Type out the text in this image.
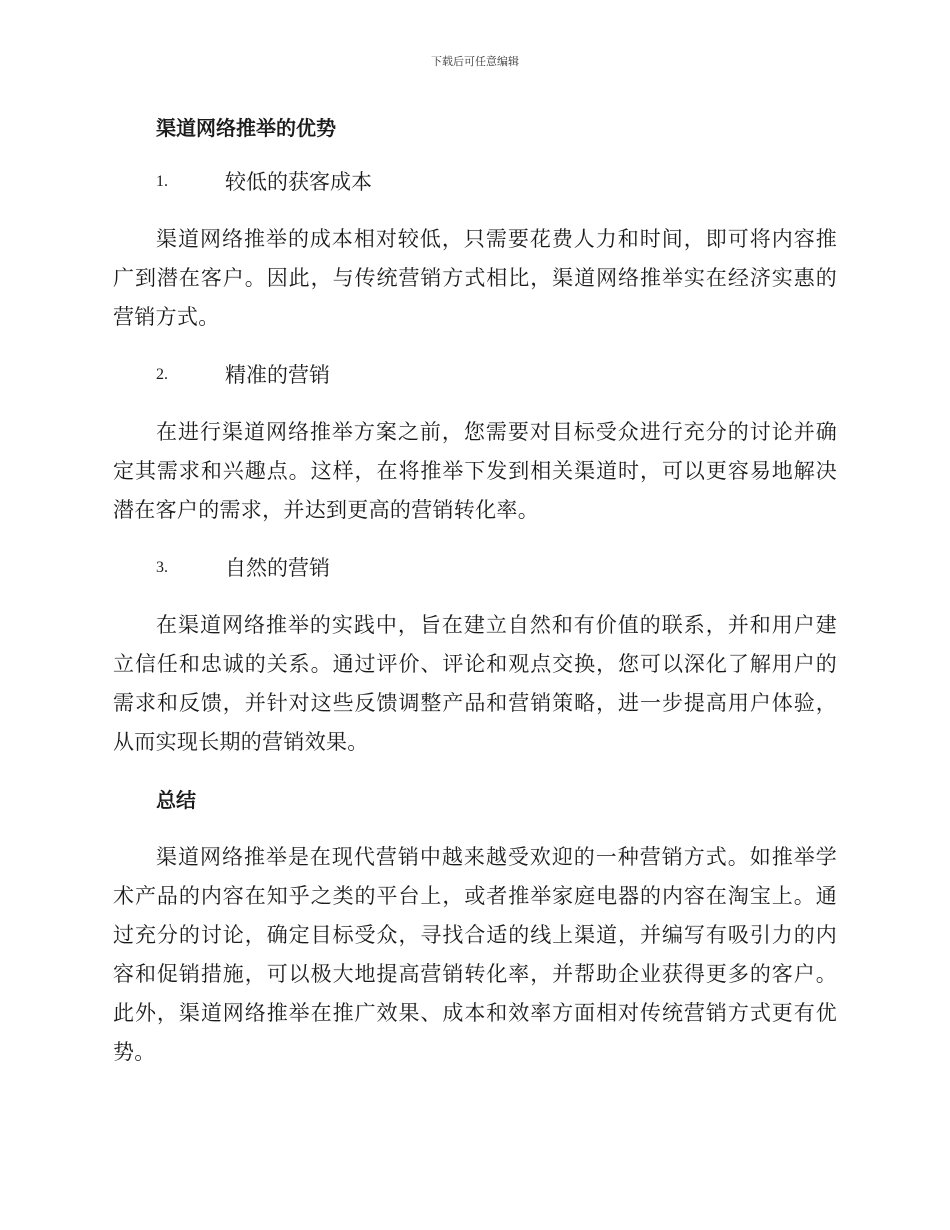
下载后可任意编辑
渠道网络推举的优势
1.	较低的获客成本

渠道网络推举的成本相对较低，只需要花费人力和时间，即可将内容推广到潜在客户。因此，与传统营销方式相比，渠道网络推举实在经济实惠的营销方式。

2.	精准的营销

在进行渠道网络推举方案之前，您需要对目标受众进行充分的讨论并确定其需求和兴趣点。这样，在将推举下发到相关渠道时，可以更容易地解决潜在客户的需求，并达到更高的营销转化率。

3.	自然的营销

在渠道网络推举的实践中，旨在建立自然和有价值的联系，并和用户建立信任和忠诚的关系。通过评价、评论和观点交换，您可以深化了解用户的需求和反馈，并针对这些反馈调整产品和营销策略，进一步提高用户体验，从而实现长期的营销效果。

总结

渠道网络推举是在现代营销中越来越受欢迎的一种营销方式。如推举学术产品的内容在知乎之类的平台上，或者推举家庭电器的内容在淘宝上。通过充分的讨论，确定目标受众，寻找合适的线上渠道，并编写有吸引力的内容和促销措施，可以极大地提高营销转化率，并帮助企业获得更多的客户。此外，渠道网络推举在推广效果、成本和效率方面相对传统营销方式更有优势。
